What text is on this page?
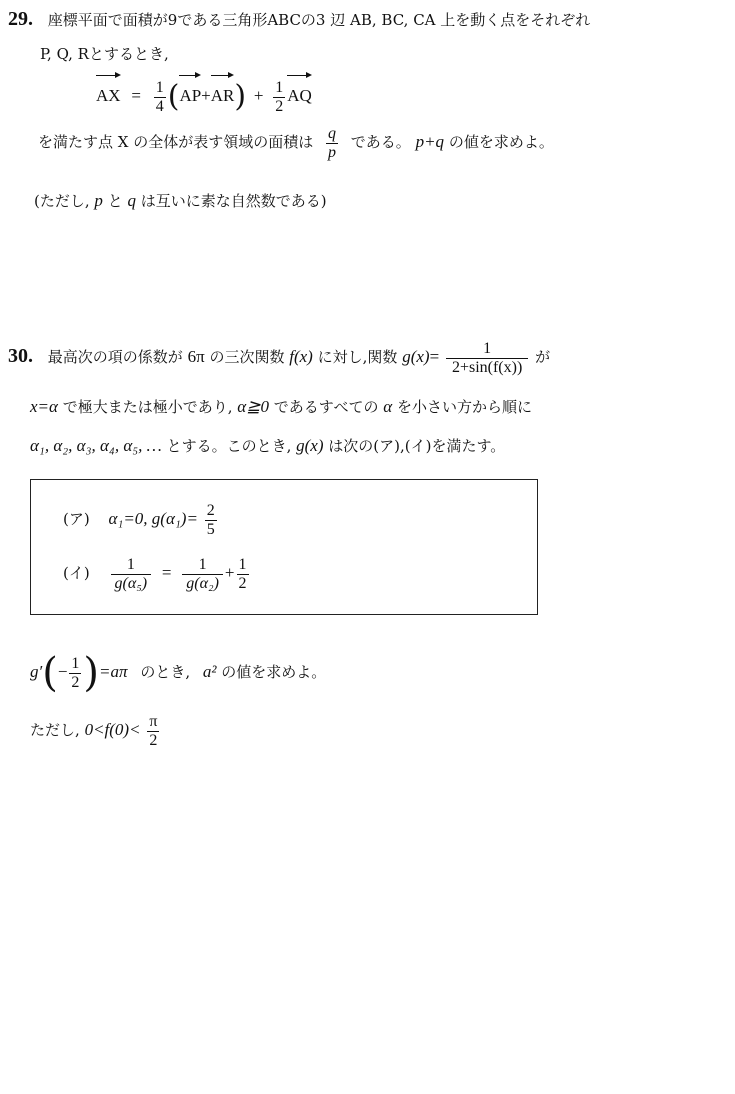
29. 座標平面で面積が9である三角形ABCの3 辺 AB, BC, CA 上を動く点をそれぞれ
P, Q, Rとするとき,
AX = $\frac{1}{4} (AP+AR) + \frac{1}{2}$ AQ
を満たす点 X の全体が表す領域の面積は $\frac{q}{p}$ である。 p+q の値を求めよ。
(ただし, p と q は互いに素な自然数である)
30. 最高次の項の係数が 6π の三次関数 f(x) に対し,関数 $g(x)= \frac{1}{2+\sin(f(x))}$ が
x=α で極大または極小であり, α≧0 であるすべての α を小さい方から順に
α₁, α₂, α₃, α₄, α₅, … とする。このとき, g(x) は次の(ア),(イ)を満たす。
(ア) α₁=0, $g(\alpha_1)= \frac{2}{5}$
(イ) $\frac{1}{\text{g(α₅)}} = \frac{1}{\text{g(α₂)}} + \frac{1}{2}$
$g'(- \frac{1}{2} )=a\pi$ のとき, a² の値を求めよ。
ただし, $0<f(0)< \frac{\pi}{2}$
